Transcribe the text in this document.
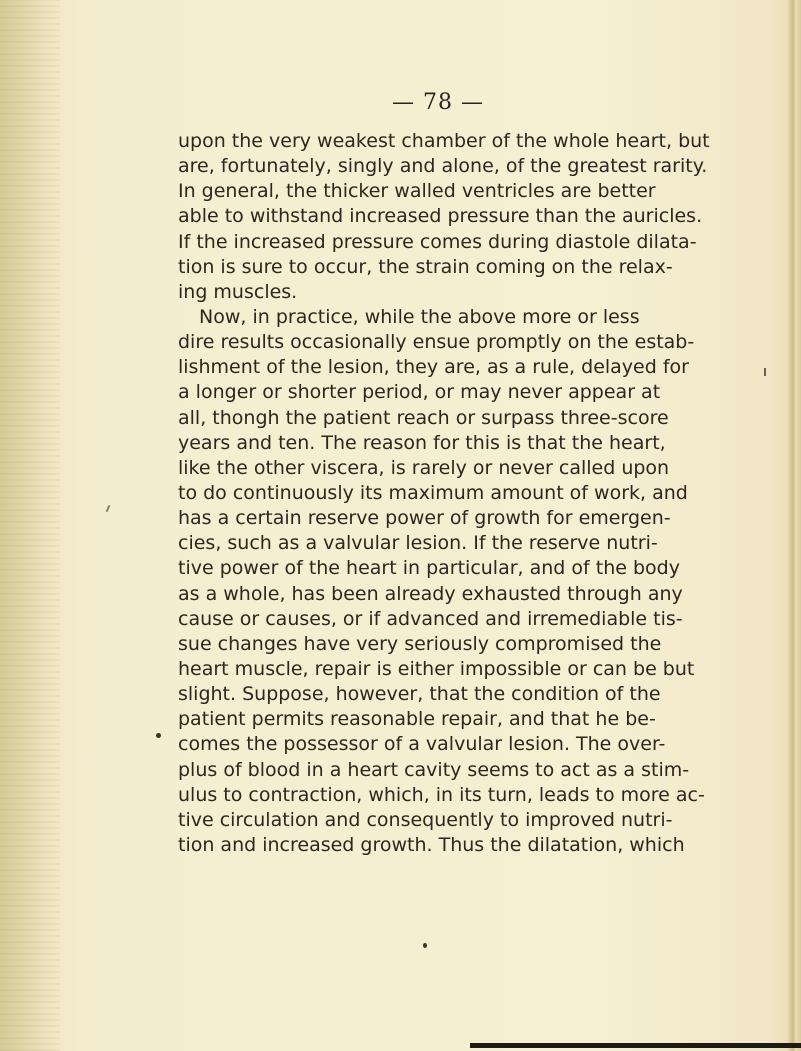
— 78 —
upon the very weakest chamber of the whole heart, but
are, fortunately, singly and alone, of the greatest rarity.
In general, the thicker walled ventricles are better
able to withstand increased pressure than the auricles.
If the increased pressure comes during diastole dilata-
tion is sure to occur, the strain coming on the relax-
ing muscles.
Now, in practice, while the above more or less
dire results occasionally ensue promptly on the estab-
lishment of the lesion, they are, as a rule, delayed for
a longer or shorter period, or may never appear at
all, thongh the patient reach or surpass three-score
years and ten. The reason for this is that the heart,
like the other viscera, is rarely or never called upon
to do continuously its maximum amount of work, and
has a certain reserve power of growth for emergen-
cies, such as a valvular lesion. If the reserve nutri-
tive power of the heart in particular, and of the body
as a whole, has been already exhausted through any
cause or causes, or if advanced and irremediable tis-
sue changes have very seriously compromised the
heart muscle, repair is either impossible or can be but
slight. Suppose, however, that the condition of the
patient permits reasonable repair, and that he be-
comes the possessor of a valvular lesion. The over-
plus of blood in a heart cavity seems to act as a stim-
ulus to contraction, which, in its turn, leads to more ac-
tive circulation and consequently to improved nutri-
tion and increased growth. Thus the dilatation, which
